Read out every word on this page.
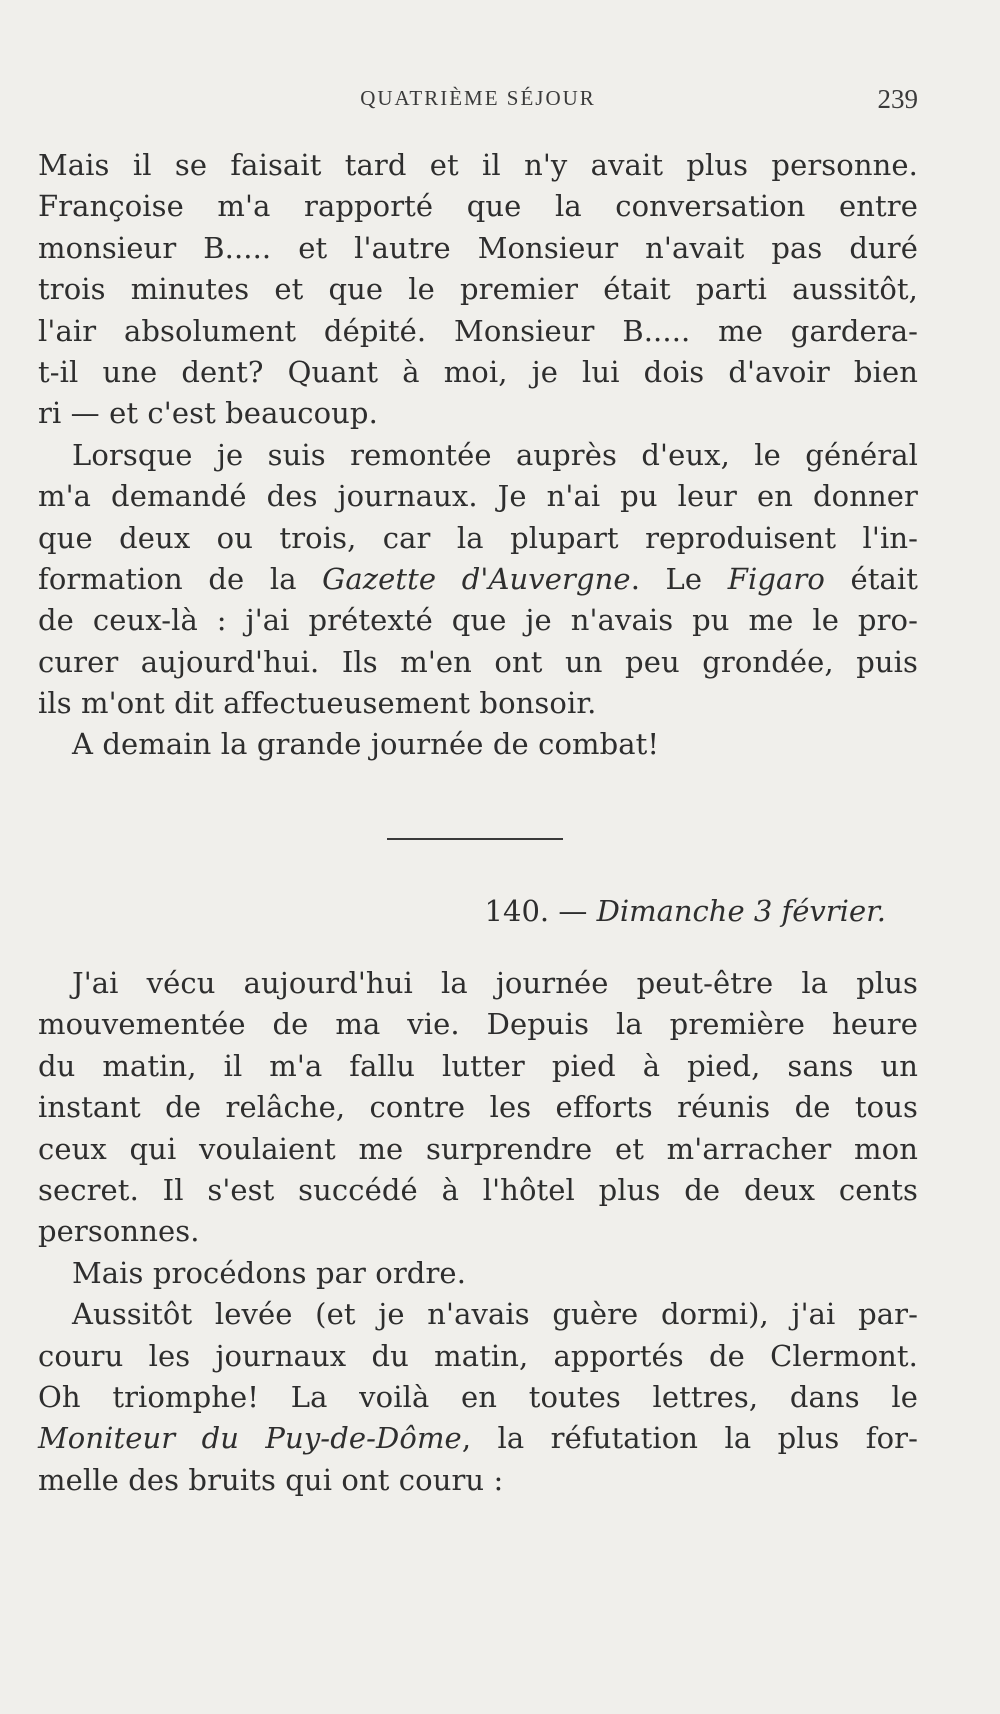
QUATRIÈME SÉJOUR	239
Mais il se faisait tard et il n'y avait plus personne.
Françoise m'a rapporté que la conversation entre
monsieur B..... et l'autre Monsieur n'avait pas duré
trois minutes et que le premier était parti aussitôt,
l'air absolument dépité. Monsieur B..... me gardera-
t-il une dent? Quant à moi, je lui dois d'avoir bien
ri — et c'est beaucoup.
Lorsque je suis remontée auprès d'eux, le général
m'a demandé des journaux. Je n'ai pu leur en donner
que deux ou trois, car la plupart reproduisent l'in-
formation de la Gazette d'Auvergne. Le Figaro était
de ceux-là : j'ai prétexté que je n'avais pu me le pro-
curer aujourd'hui. Ils m'en ont un peu grondée, puis
ils m'ont dit affectueusement bonsoir.
A demain la grande journée de combat!
140. — Dimanche 3 février.
J'ai vécu aujourd'hui la journée peut-être la plus
mouvementée de ma vie. Depuis la première heure
du matin, il m'a fallu lutter pied à pied, sans un
instant de relâche, contre les efforts réunis de tous
ceux qui voulaient me surprendre et m'arracher mon
secret. Il s'est succédé à l'hôtel plus de deux cents
personnes.
Mais procédons par ordre.
Aussitôt levée (et je n'avais guère dormi), j'ai par-
couru les journaux du matin, apportés de Clermont.
Oh triomphe! La voilà en toutes lettres, dans le
Moniteur du Puy-de-Dôme, la réfutation la plus for-
melle des bruits qui ont couru :
